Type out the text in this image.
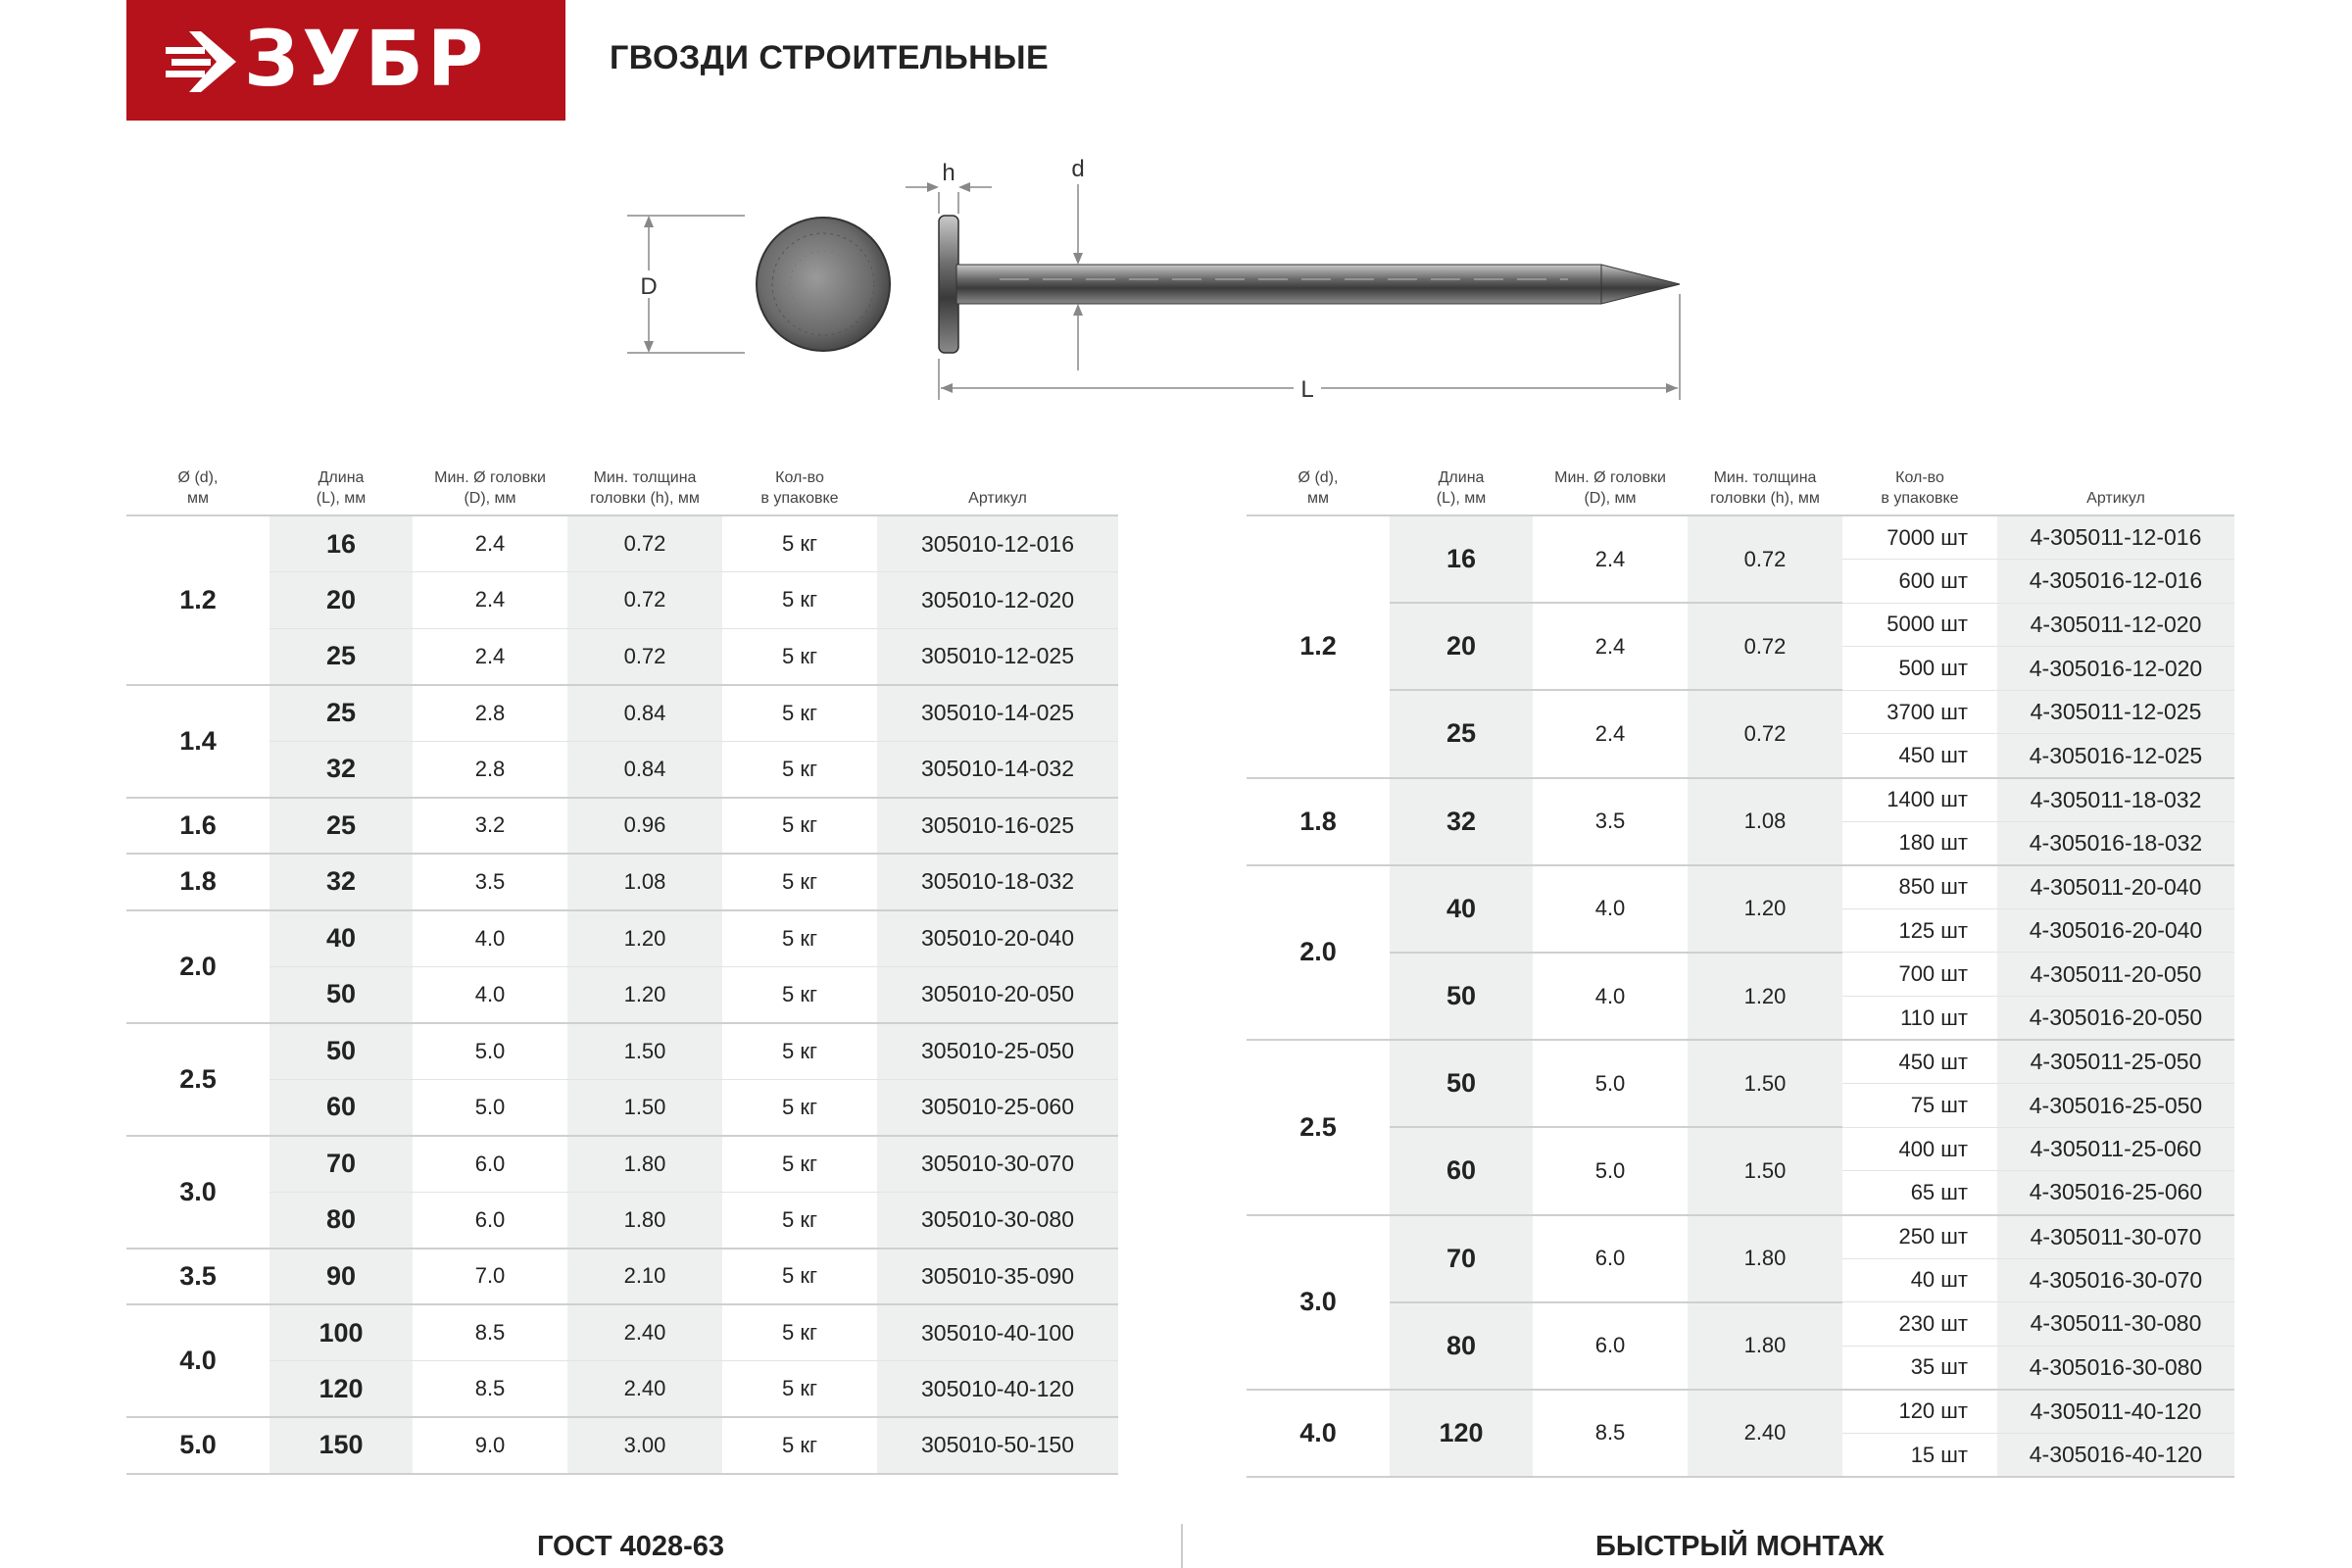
ЗУБР	ГВОЗДИ СТРОИТЕЛЬНЫЕ
D
h	d
L
Ø (d),
мм	Длина
(L), мм	Мин. Ø головки
(D), мм	Мин. толщина
головки (h), мм	Кол-во
в упаковке	Артикул
1.2	16	2.4	0.72	5 кг	305010-12-016
	20	2.4	0.72	5 кг	305010-12-020
	25	2.4	0.72	5 кг	305010-12-025
1.4	25	2.8	0.84	5 кг	305010-14-025
	32	2.8	0.84	5 кг	305010-14-032
1.6	25	3.2	0.96	5 кг	305010-16-025
1.8	32	3.5	1.08	5 кг	305010-18-032
2.0	40	4.0	1.20	5 кг	305010-20-040
	50	4.0	1.20	5 кг	305010-20-050
2.5	50	5.0	1.50	5 кг	305010-25-050
	60	5.0	1.50	5 кг	305010-25-060
3.0	70	6.0	1.80	5 кг	305010-30-070
	80	6.0	1.80	5 кг	305010-30-080
3.5	90	7.0	2.10	5 кг	305010-35-090
4.0	100	8.5	2.40	5 кг	305010-40-100
	120	8.5	2.40	5 кг	305010-40-120
5.0	150	9.0	3.00	5 кг	305010-50-150
Ø (d),
мм	Длина
(L), мм	Мин. Ø головки
(D), мм	Мин. толщина
головки (h), мм	Кол-во
в упаковке	Артикул
1.2	16	2.4	0.72	7000 шт	4-305011-12-016
				600 шт	4-305016-12-016
	20	2.4	0.72	5000 шт	4-305011-12-020
				500 шт	4-305016-12-020
	25	2.4	0.72	3700 шт	4-305011-12-025
				450 шт	4-305016-12-025
1.8	32	3.5	1.08	1400 шт	4-305011-18-032
				180 шт	4-305016-18-032
2.0	40	4.0	1.20	850 шт	4-305011-20-040
				125 шт	4-305016-20-040
	50	4.0	1.20	700 шт	4-305011-20-050
				110 шт	4-305016-20-050
2.5	50	5.0	1.50	450 шт	4-305011-25-050
				75 шт	4-305016-25-050
	60	5.0	1.50	400 шт	4-305011-25-060
				65 шт	4-305016-25-060
3.0	70	6.0	1.80	250 шт	4-305011-30-070
				40 шт	4-305016-30-070
	80	6.0	1.80	230 шт	4-305011-30-080
				35 шт	4-305016-30-080
4.0	120	8.5	2.40	120 шт	4-305011-40-120
				15 шт	4-305016-40-120
ГОСТ 4028-63	БЫСТРЫЙ МОНТАЖ
